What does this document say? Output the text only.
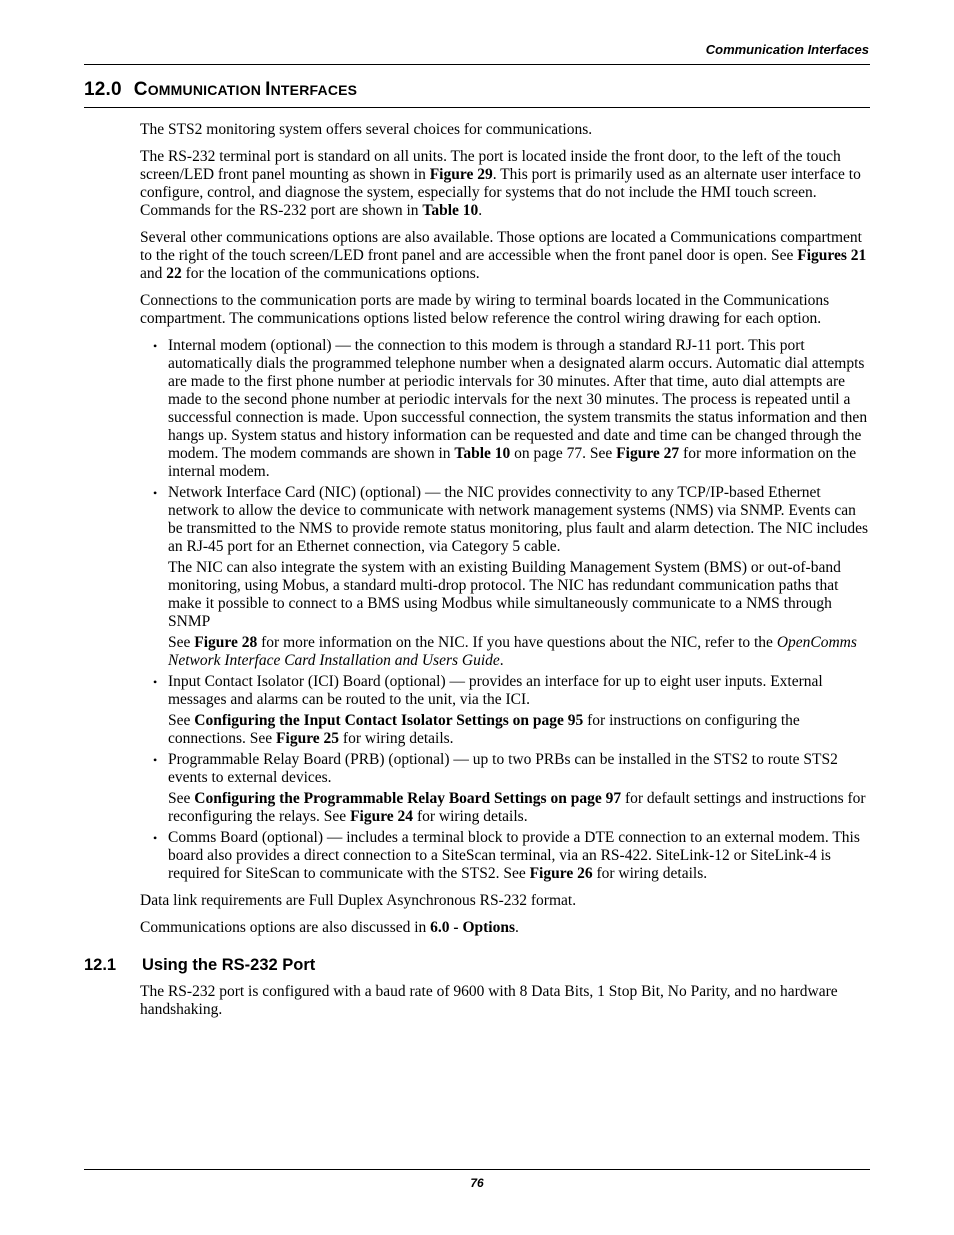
Communication Interfaces
12.0 COMMUNICATION INTERFACES

The STS2 monitoring system offers several choices for communications.

The RS-232 terminal port is standard on all units. The port is located inside the front door, to the left of the touch screen/LED front panel mounting as shown in Figure 29. This port is primarily used as an alternate user interface to configure, control, and diagnose the system, especially for systems that do not include the HMI touch screen. Commands for the RS-232 port are shown in Table 10.

Several other communications options are also available. Those options are located a Communications compartment to the right of the touch screen/LED front panel and are accessible when the front panel door is open. See Figures 21 and 22 for the location of the communications options.

Connections to the communication ports are made by wiring to terminal boards located in the Communications compartment. The communications options listed below reference the control wiring drawing for each option.

• Internal modem (optional) — the connection to this modem is through a standard RJ-11 port. This port automatically dials the programmed telephone number when a designated alarm occurs. Automatic dial attempts are made to the first phone number at periodic intervals for 30 minutes. After that time, auto dial attempts are made to the second phone number at periodic intervals for the next 30 minutes. The process is repeated until a successful connection is made. Upon successful connection, the system transmits the status information and then hangs up. System status and history information can be requested and date and time can be changed through the modem. The modem commands are shown in Table 10 on page 77. See Figure 27 for more information on the internal modem.

• Network Interface Card (NIC) (optional) — the NIC provides connectivity to any TCP/IP-based Ethernet network to allow the device to communicate with network management systems (NMS) via SNMP. Events can be transmitted to the NMS to provide remote status monitoring, plus fault and alarm detection. The NIC includes an RJ-45 port for an Ethernet connection, via Category 5 cable.

The NIC can also integrate the system with an existing Building Management System (BMS) or out-of-band monitoring, using Mobus, a standard multi-drop protocol. The NIC has redundant communication paths that make it possible to connect to a BMS using Modbus while simultaneously communicate to a NMS through SNMP

See Figure 28 for more information on the NIC. If you have questions about the NIC, refer to the OpenComms Network Interface Card Installation and Users Guide.

• Input Contact Isolator (ICI) Board (optional) — provides an interface for up to eight user inputs. External messages and alarms can be routed to the unit, via the ICI.

See Configuring the Input Contact Isolator Settings on page 95 for instructions on configuring the connections. See Figure 25 for wiring details.

• Programmable Relay Board (PRB) (optional) — up to two PRBs can be installed in the STS2 to route STS2 events to external devices.

See Configuring the Programmable Relay Board Settings on page 97 for default settings and instructions for reconfiguring the relays. See Figure 24 for wiring details.

• Comms Board (optional) — includes a terminal block to provide a DTE connection to an external modem. This board also provides a direct connection to a SiteScan terminal, via an RS-422. SiteLink-12 or SiteLink-4 is required for SiteScan to communicate with the STS2. See Figure 26 for wiring details.

Data link requirements are Full Duplex Asynchronous RS-232 format.

Communications options are also discussed in 6.0 - Options.

12.1 Using the RS-232 Port

The RS-232 port is configured with a baud rate of 9600 with 8 Data Bits, 1 Stop Bit, No Parity, and no hardware handshaking.

76
